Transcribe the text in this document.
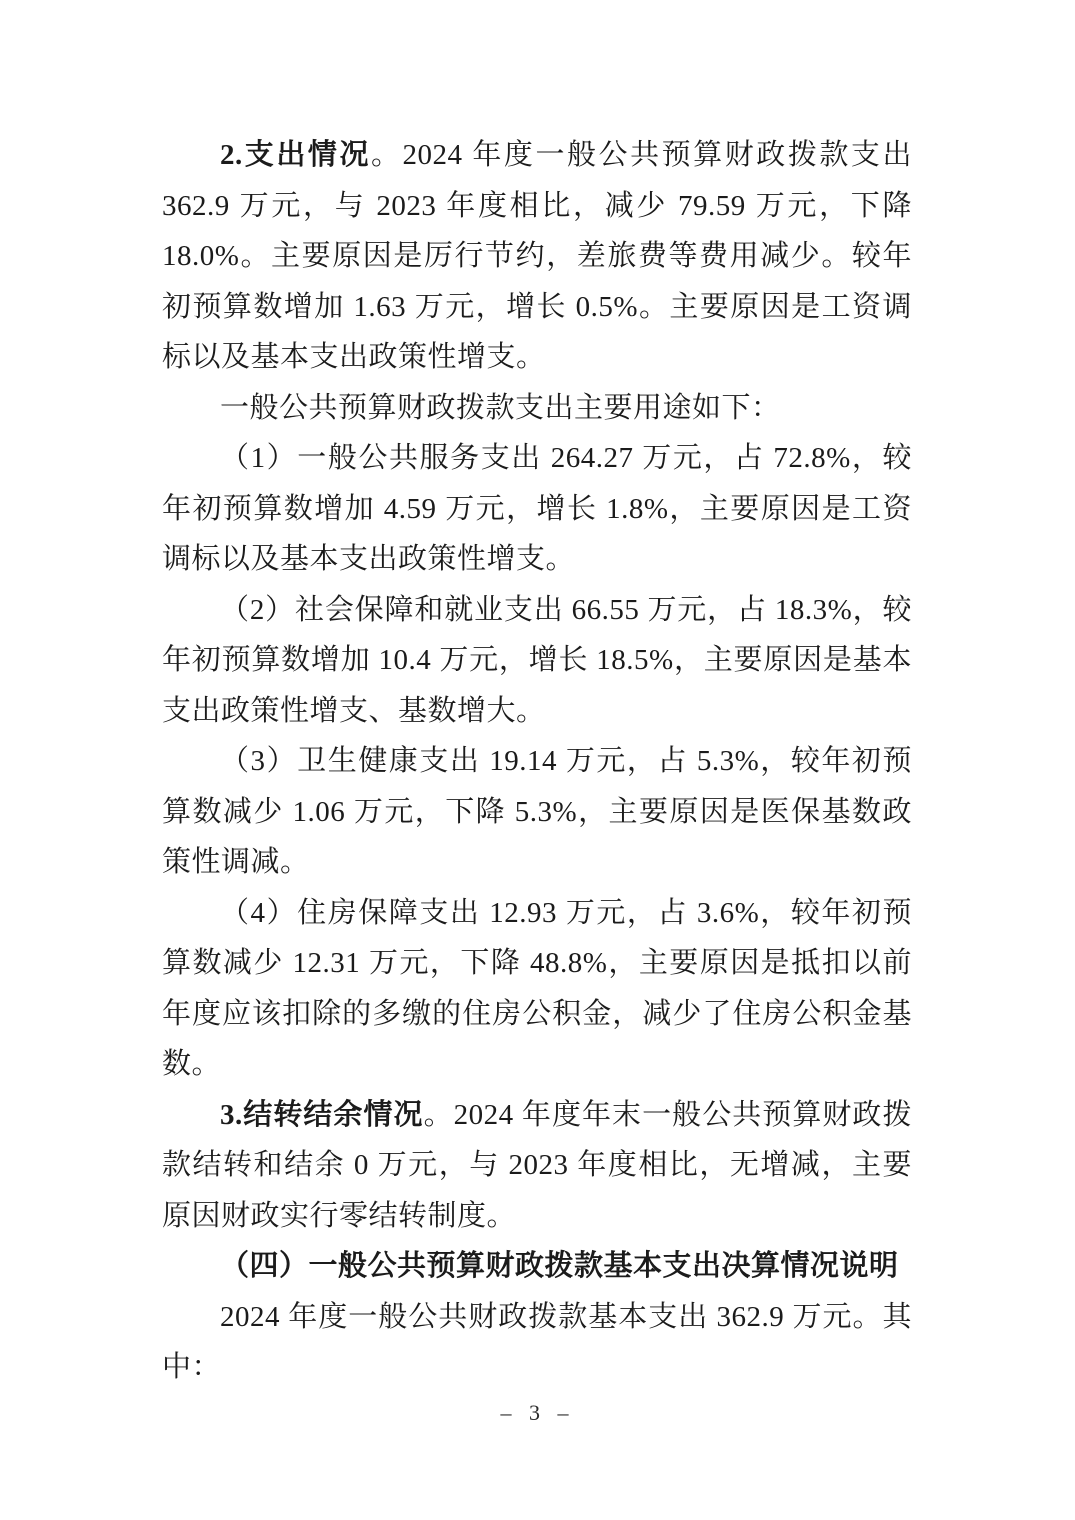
2.支出情况。2024 年度一般公共预算财政拨款支出 362.9 万元，与 2023 年度相比，减少 79.59 万元，下降 18.0%。主要原因是厉行节约，差旅费等费用减少。较年初预算数增加 1.63 万元，增长 0.5%。主要原因是工资调标以及基本支出政策性增支。

一般公共预算财政拨款支出主要用途如下：

（1）一般公共服务支出 264.27 万元，占 72.8%，较年初预算数增加 4.59 万元，增长 1.8%，主要原因是工资调标以及基本支出政策性增支。

（2）社会保障和就业支出 66.55 万元，占 18.3%，较年初预算数增加 10.4 万元，增长 18.5%，主要原因是基本支出政策性增支、基数增大。

（3）卫生健康支出 19.14 万元，占 5.3%，较年初预算数减少 1.06 万元，下降 5.3%，主要原因是医保基数政策性调减。

（4）住房保障支出 12.93 万元，占 3.6%，较年初预算数减少 12.31 万元，下降 48.8%，主要原因是抵扣以前年度应该扣除的多缴的住房公积金，减少了住房公积金基数。

3.结转结余情况。2024 年度年末一般公共预算财政拨款结转和结余 0 万元，与 2023 年度相比，无增减，主要原因财政实行零结转制度。

（四）一般公共预算财政拨款基本支出决算情况说明

2024 年度一般公共财政拨款基本支出 362.9 万元。其中：

– 3 –
